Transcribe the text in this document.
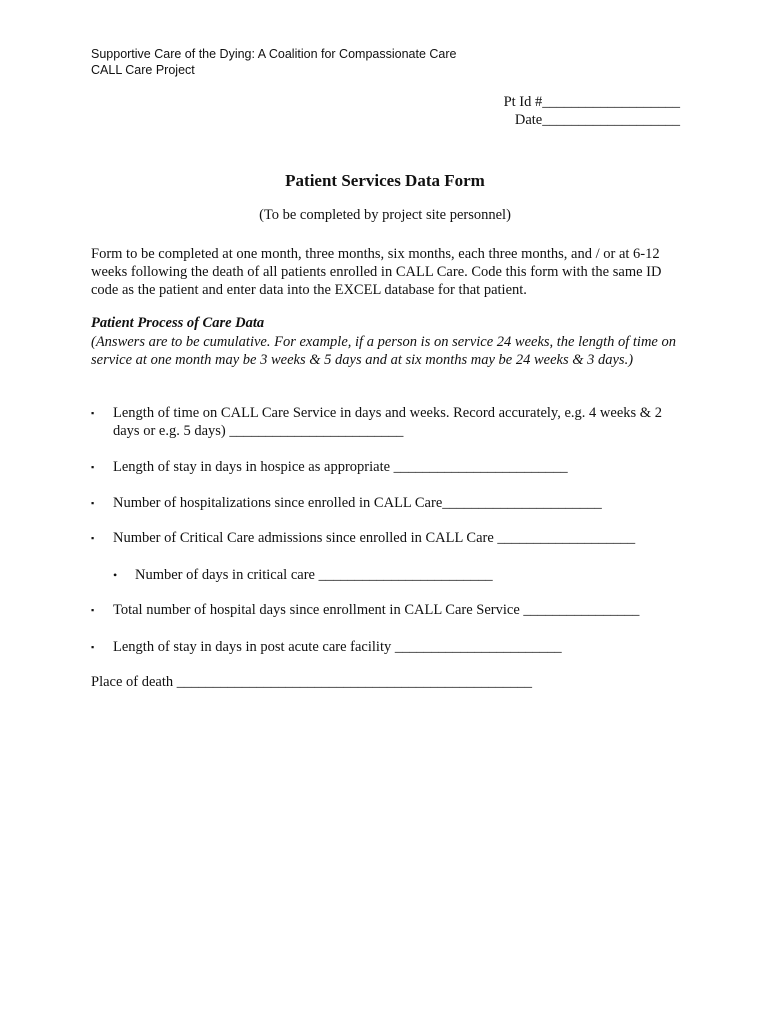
Supportive Care of the Dying: A Coalition for Compassionate Care
CALL Care Project
Pt Id #___________________
Date___________________
Patient Services Data Form
(To be completed by project site personnel)
Form to be completed at one month, three months, six months, each three months, and / or at 6-12 weeks following the death of all patients enrolled in CALL Care. Code this form with the same ID code as the patient and enter data into the EXCEL database for that patient.
Patient Process of Care Data
(Answers are to be cumulative. For example, if a person is on service 24 weeks, the length of time on service at one month may be 3 weeks & 5 days and at six months may be 24 weeks & 3 days.)
▪ Length of time on CALL Care Service in days and weeks. Record accurately, e.g. 4 weeks & 2 days or e.g. 5 days) ________________________
▪ Length of stay in days in hospice as appropriate ________________________
▪ Number of hospitalizations since enrolled in CALL Care______________________
▪ Number of Critical Care admissions since enrolled in CALL Care ___________________
• Number of days in critical care ________________________
▪ Total number of hospital days since enrollment in CALL Care Service ________________
▪ Length of stay in days in post acute care facility _______________________
Place of death _________________________________________________
